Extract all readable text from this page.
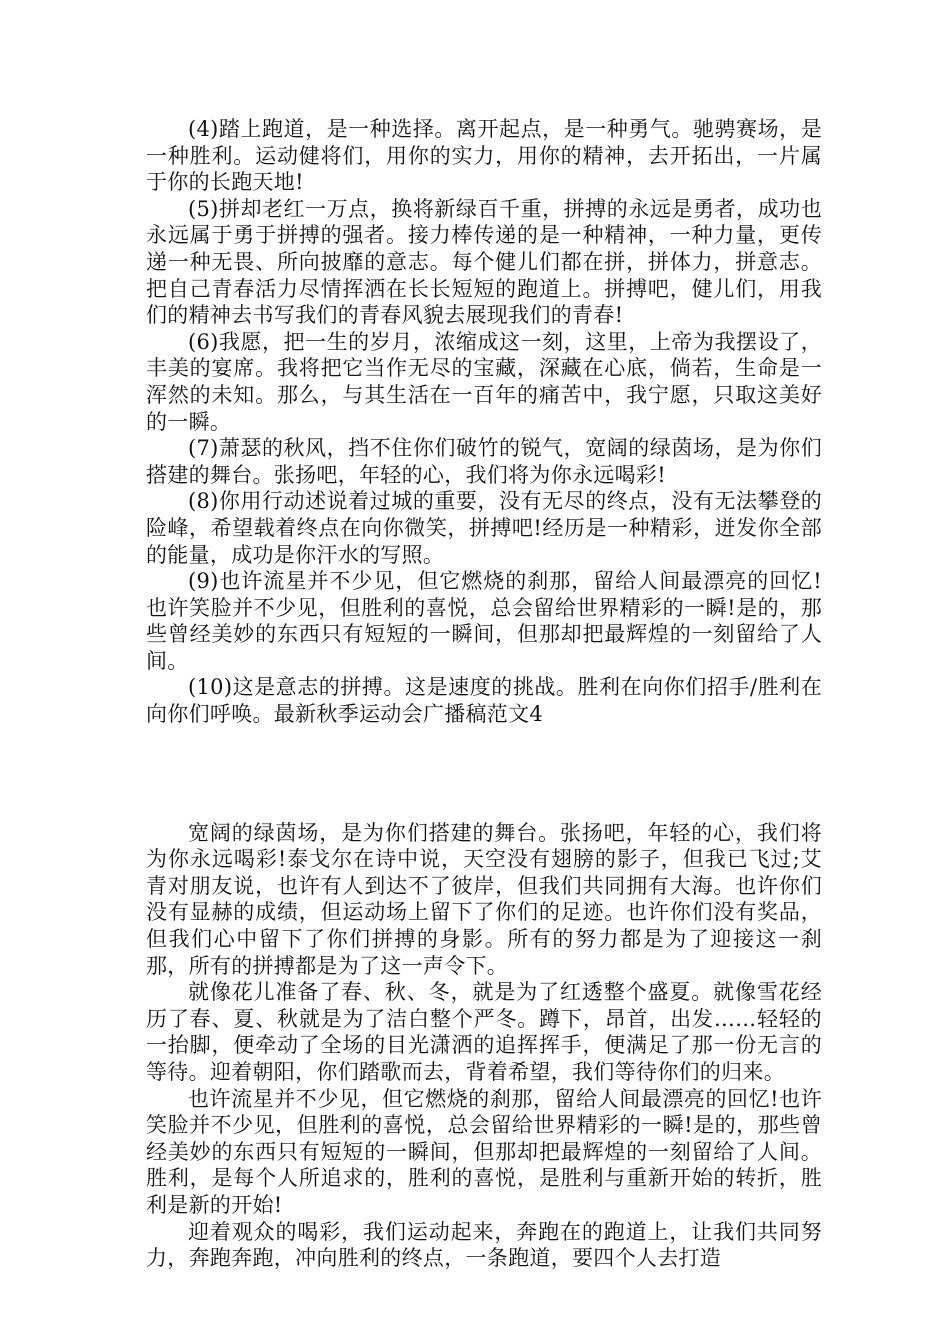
(4)踏上跑道，是一种选择。离开起点，是一种勇气。驰骋赛场，是一种胜利。运动健将们，用你的实力，用你的精神，去开拓出，一片属于你的长跑天地!

(5)拼却老红一万点，换将新绿百千重，拼搏的永远是勇者，成功也永远属于勇于拼搏的强者。接力棒传递的是一种精神，一种力量，更传递一种无畏、所向披靡的意志。每个健儿们都在拼，拼体力，拼意志。把自己青春活力尽情挥洒在长长短短的跑道上。拼搏吧，健儿们，用我们的精神去书写我们的青春风貌去展现我们的青春!

(6)我愿，把一生的岁月，浓缩成这一刻，这里，上帝为我摆设了，丰美的宴席。我将把它当作无尽的宝藏，深藏在心底，倘若，生命是一浑然的未知。那么，与其生活在一百年的痛苦中，我宁愿，只取这美好的一瞬。

(7)萧瑟的秋风，挡不住你们破竹的锐气，宽阔的绿茵场，是为你们搭建的舞台。张扬吧，年轻的心，我们将为你永远喝彩!

(8)你用行动述说着过城的重要，没有无尽的终点，没有无法攀登的险峰，希望载着终点在向你微笑，拼搏吧!经历是一种精彩，迸发你全部的能量，成功是你汗水的写照。

(9)也许流星并不少见，但它燃烧的刹那，留给人间最漂亮的回忆!也许笑脸并不少见，但胜利的喜悦，总会留给世界精彩的一瞬!是的，那些曾经美妙的东西只有短短的一瞬间，但那却把最辉煌的一刻留给了人间。

(10)这是意志的拼搏。这是速度的挑战。胜利在向你们招手/胜利在向你们呼唤。最新秋季运动会广播稿范文4

宽阔的绿茵场，是为你们搭建的舞台。张扬吧，年轻的心，我们将为你永远喝彩!泰戈尔在诗中说，天空没有翅膀的影子，但我已飞过;艾青对朋友说，也许有人到达不了彼岸，但我们共同拥有大海。也许你们没有显赫的成绩，但运动场上留下了你们的足迹。也许你们没有奖品，但我们心中留下了你们拼搏的身影。所有的努力都是为了迎接这一刹那，所有的拼搏都是为了这一声令下。

就像花儿准备了春、秋、冬，就是为了红透整个盛夏。就像雪花经历了春、夏、秋就是为了洁白整个严冬。蹲下，昂首，出发……轻轻的一抬脚，便牵动了全场的目光潇洒的追挥挥手，便满足了那一份无言的等待。迎着朝阳，你们踏歌而去，背着希望，我们等待你们的归来。

也许流星并不少见，但它燃烧的刹那，留给人间最漂亮的回忆!也许笑脸并不少见，但胜利的喜悦，总会留给世界精彩的一瞬!是的，那些曾经美妙的东西只有短短的一瞬间，但那却把最辉煌的一刻留给了人间。胜利，是每个人所追求的，胜利的喜悦，是胜利与重新开始的转折，胜利是新的开始!

迎着观众的喝彩，我们运动起来，奔跑在的跑道上，让我们共同努力，奔跑奔跑，冲向胜利的终点，一条跑道，要四个人去打造
